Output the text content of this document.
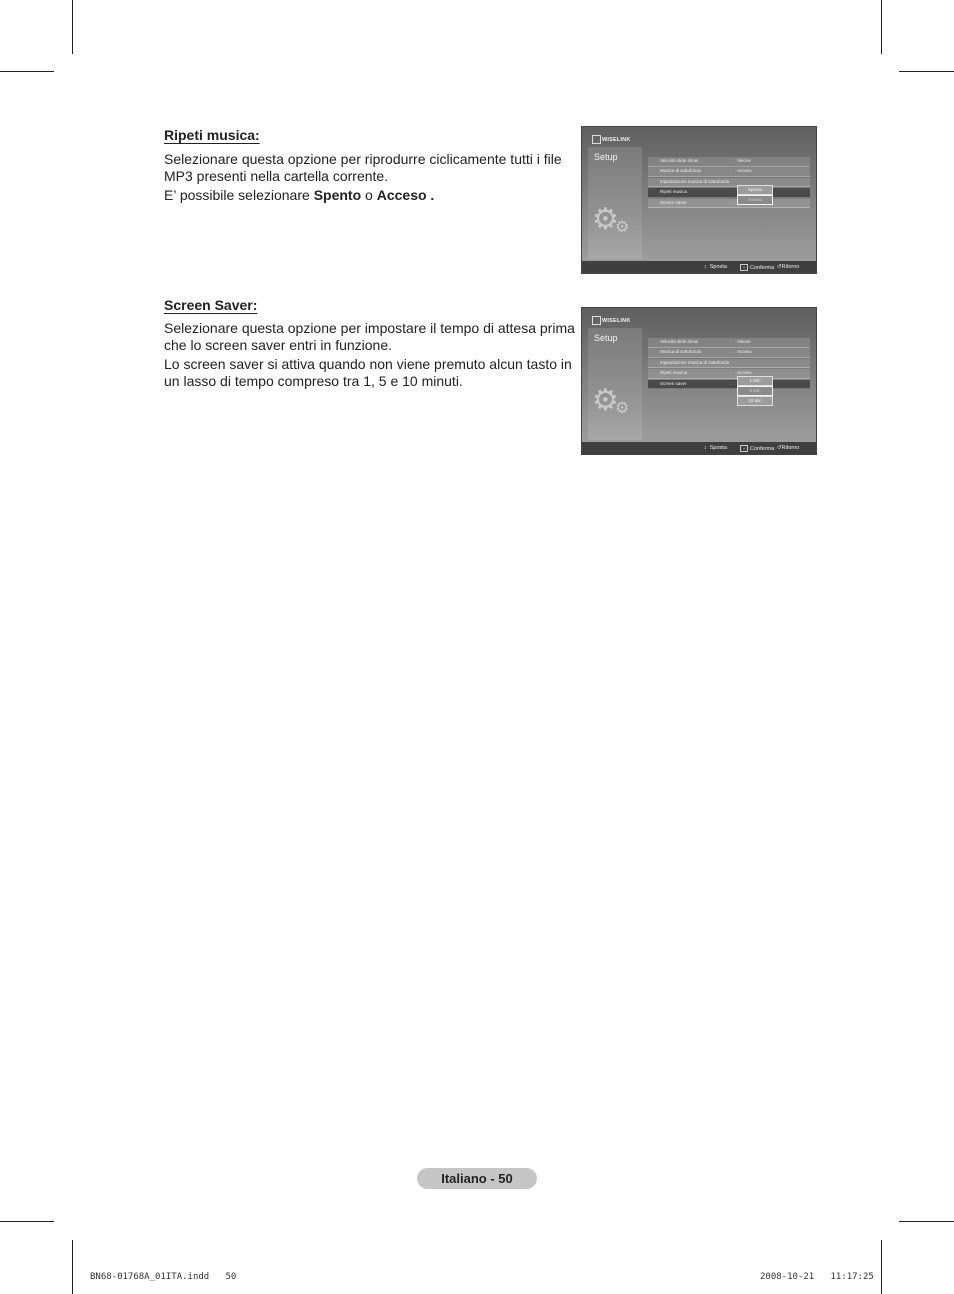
Ripeti musica:

Selezionare questa opzione per riprodurre ciclicamente tutti i file MP3 presenti nella cartella corrente.

E’ possibile selezionare Spento o Acceso .

WISELINK
Setup
⚙
⚙
Velocità slide show	: Veloce
Musica di sottofondo	: Acceso
Impostazione musica di sottofondo
Ripeti musica	:
Screen saver	:
Spento
Acceso
↕ Sposta	+ Conferma ↺Ritorno
Screen Saver:

Selezionare questa opzione per impostare il tempo di attesa prima che lo screen saver entri in funzione.

Lo screen saver si attiva quando non viene premuto alcun tasto in un lasso di tempo compreso tra 1, 5 e 10 minuti.

WISELINK
Setup
⚙
⚙
Velocità slide show	: Veloce
Musica di sottofondo	: Acceso
Impostazione musica di sottofondo
Ripeti musica	: Acceso
Screen saver	:
1 Min
5 Min
10 Min
↕ Sposta	+ Conferma ↺Ritorno
Italiano - 50
BN68-01768A_01ITA.indd   50	2008-10-21   11:17:25
